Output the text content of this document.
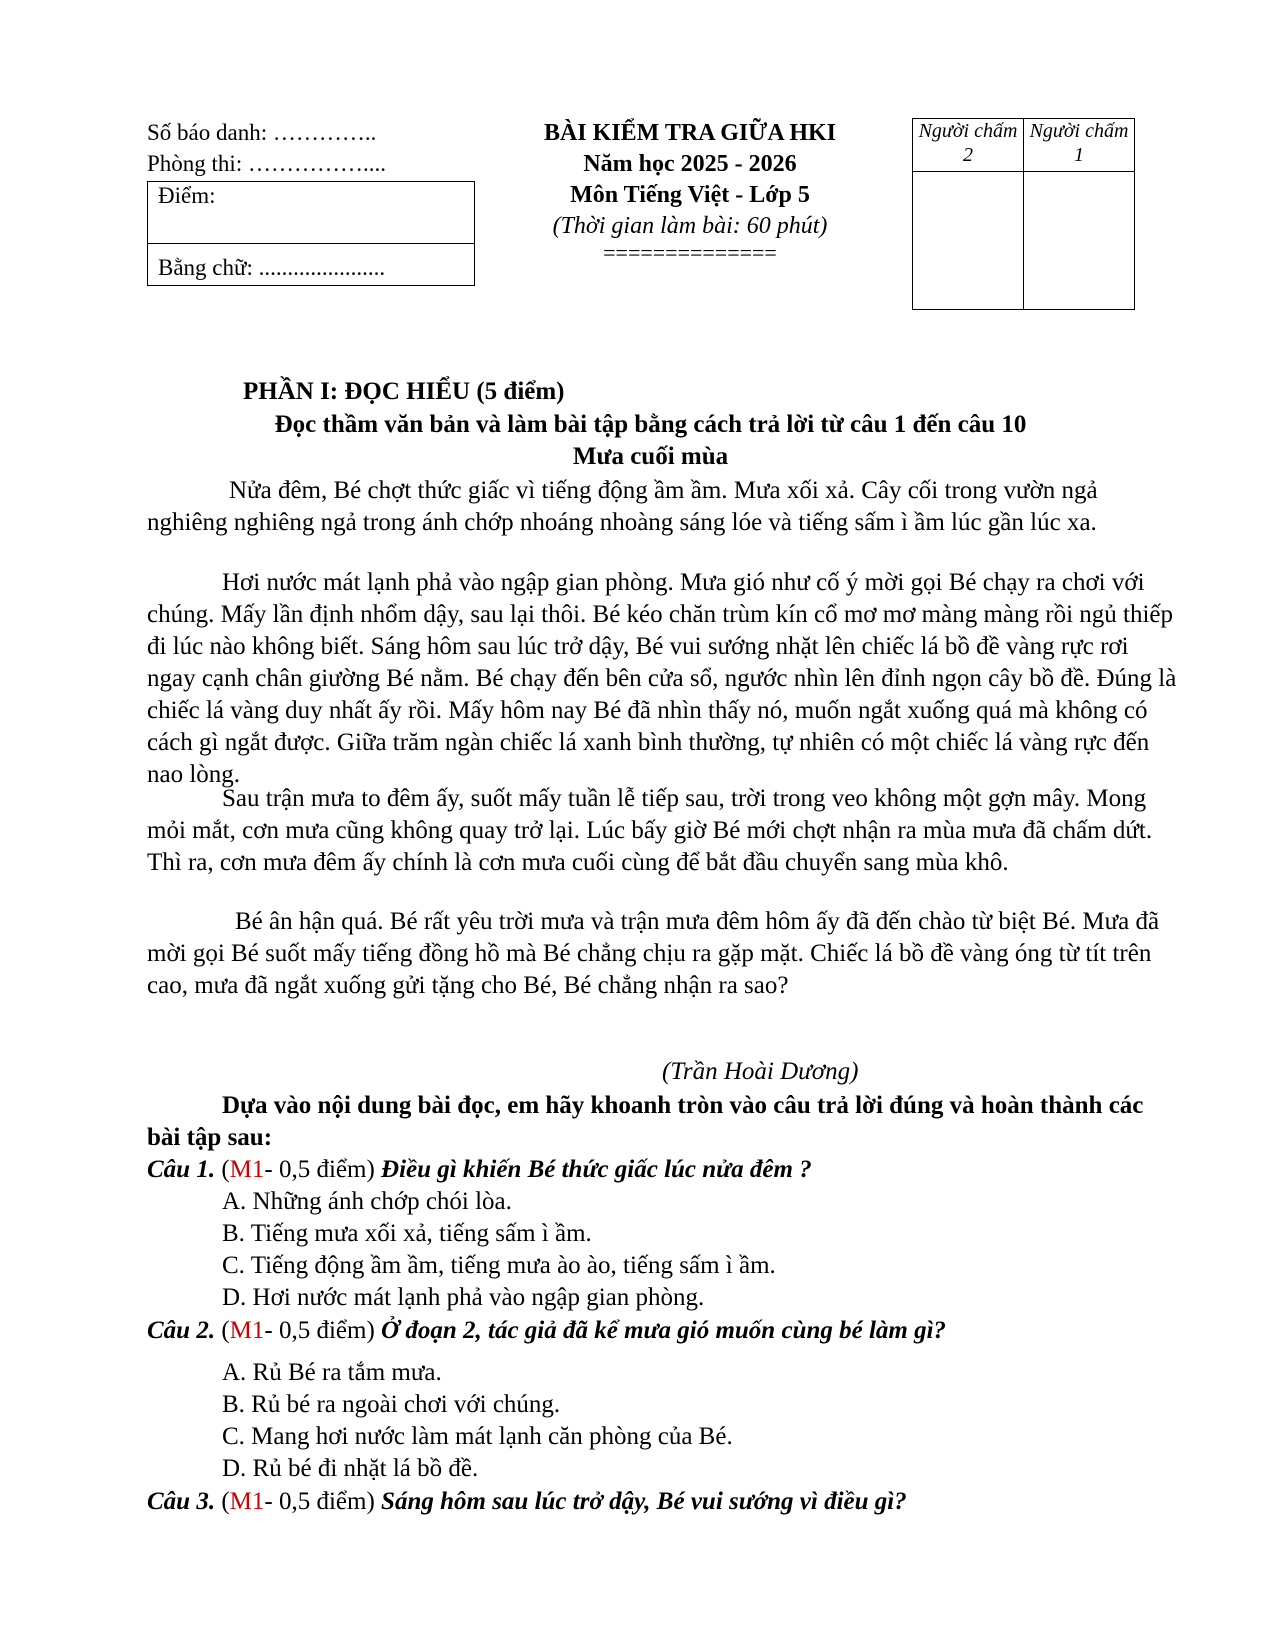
Số báo danh: …………..
Phòng thi: ……………....
Điểm:
Bằng chữ: ......................
BÀI KIỂM TRA GIỮA HKI
Năm học 2025 - 2026
Môn Tiếng Việt - Lớp 5
(Thời gian làm bài: 60 phút)
==============
Người chấm 2	Người chấm 1

PHẦN I: ĐỌC HIỂU (5 điểm)
Đọc thầm văn bản và làm bài tập bằng cách trả lời từ câu 1 đến câu 10
Mưa cuối mùa
Nửa đêm, Bé chợt thức giấc vì tiếng động ầm ầm. Mưa xối xả. Cây cối trong vườn ngả nghiêng nghiêng ngả trong ánh chớp nhoáng nhoàng sáng lóe và tiếng sấm ì ầm lúc gần lúc xa.
Hơi nước mát lạnh phả vào ngập gian phòng. Mưa gió như cố ý mời gọi Bé chạy ra chơi với chúng. Mấy lần định nhổm dậy, sau lại thôi. Bé kéo chăn trùm kín cổ mơ mơ màng màng rồi ngủ thiếp đi lúc nào không biết. Sáng hôm sau lúc trở dậy, Bé vui sướng nhặt lên chiếc lá bồ đề vàng rực rơi ngay cạnh chân giường Bé nằm. Bé chạy đến bên cửa sổ, ngước nhìn lên đỉnh ngọn cây bồ đề. Đúng là chiếc lá vàng duy nhất ấy rồi. Mấy hôm nay Bé đã nhìn thấy nó, muốn ngắt xuống quá mà không có cách gì ngắt được. Giữa trăm ngàn chiếc lá xanh bình thường, tự nhiên có một chiếc lá vàng rực đến nao lòng.
Sau trận mưa to đêm ấy, suốt mấy tuần lễ tiếp sau, trời trong veo không một gợn mây. Mong mỏi mắt, cơn mưa cũng không quay trở lại. Lúc bấy giờ Bé mới chợt nhận ra mùa mưa đã chấm dứt. Thì ra, cơn mưa đêm ấy chính là cơn mưa cuối cùng để bắt đầu chuyển sang mùa khô.
Bé ân hận quá. Bé rất yêu trời mưa và trận mưa đêm hôm ấy đã đến chào từ biệt Bé. Mưa đã mời gọi Bé suốt mấy tiếng đồng hồ mà Bé chẳng chịu ra gặp mặt. Chiếc lá bồ đề vàng óng từ tít trên cao, mưa đã ngắt xuống gửi tặng cho Bé, Bé chẳng nhận ra sao?
(Trần Hoài Dương)
Dựa vào nội dung bài đọc, em hãy khoanh tròn vào câu trả lời đúng và hoàn thành các bài tập sau:
Câu 1. (M1- 0,5 điểm) Điều gì khiến Bé thức giấc lúc nửa đêm ?
A. Những ánh chớp chói lòa.
B. Tiếng mưa xối xả, tiếng sấm ì ầm.
C. Tiếng động ầm ầm, tiếng mưa ào ào, tiếng sấm ì ầm.
D. Hơi nước mát lạnh phả vào ngập gian phòng.
Câu 2. (M1- 0,5 điểm) Ở đoạn 2, tác giả đã kể mưa gió muốn cùng bé làm gì?
A. Rủ Bé ra tắm mưa.
B. Rủ bé ra ngoài chơi với chúng.
C. Mang hơi nước làm mát lạnh căn phòng của Bé.
D. Rủ bé đi nhặt lá bồ đề.
Câu 3. (M1- 0,5 điểm) Sáng hôm sau lúc trở dậy, Bé vui sướng vì điều gì?
